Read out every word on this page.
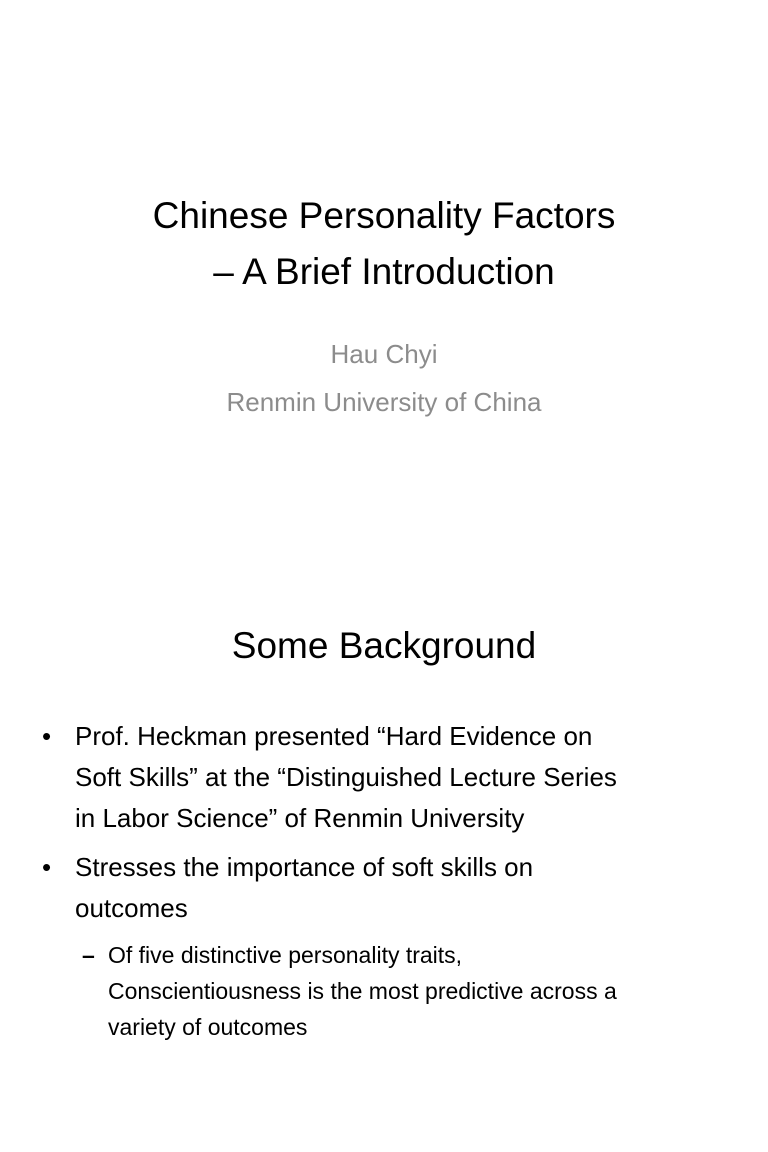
Chinese Personality Factors
– A Brief Introduction
Hau Chyi
Renmin University of China
Some Background
• Prof. Heckman presented “Hard Evidence on
Soft Skills” at the “Distinguished Lecture Series
in Labor Science” of Renmin University
• Stresses the importance of soft skills on
outcomes
– Of five distinctive personality traits,
Conscientiousness is the most predictive across a
variety of outcomes
